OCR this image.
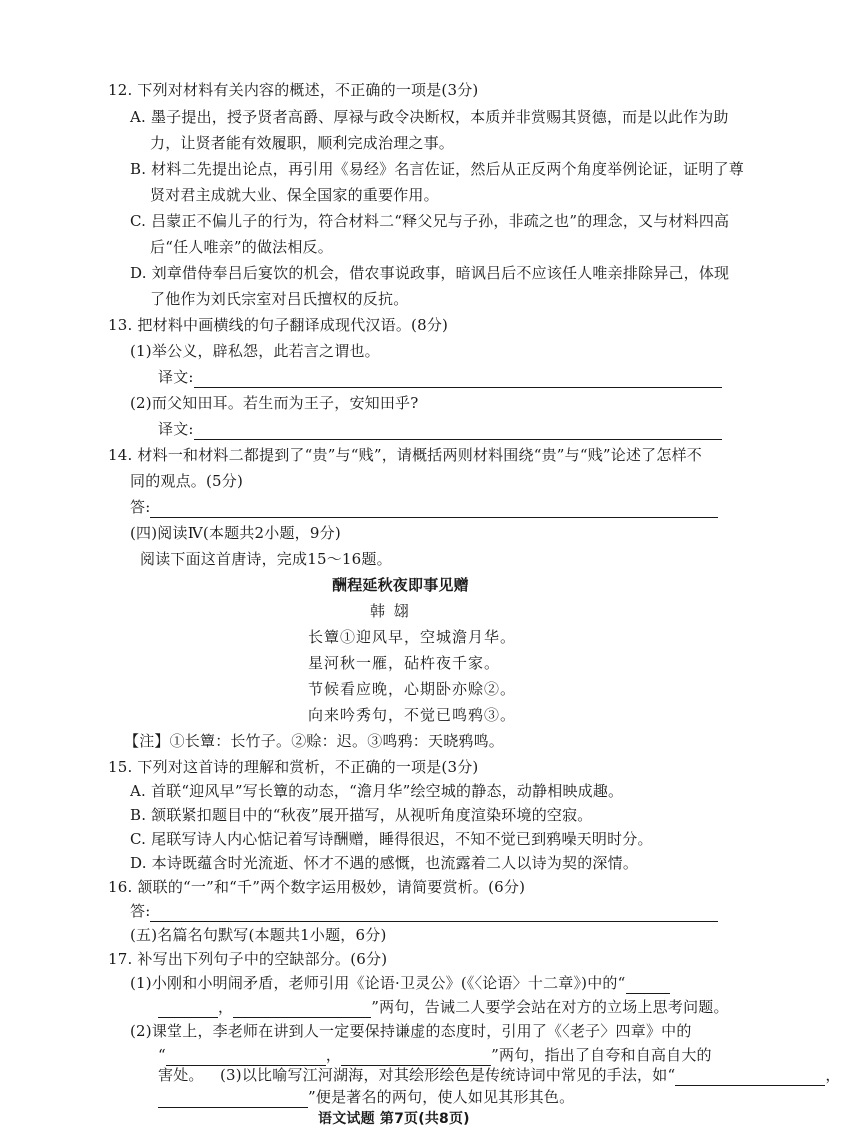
12. 下列对材料有关内容的概述，不正确的一项是(3分)
A. 墨子提出，授予贤者高爵、厚禄与政令决断权，本质并非赏赐其贤德，而是以此作为助
力，让贤者能有效履职，顺利完成治理之事。
B. 材料二先提出论点，再引用《易经》名言佐证，然后从正反两个角度举例论证，证明了尊
贤对君主成就大业、保全国家的重要作用。
C. 吕蒙正不偏儿子的行为，符合材料二“释父兄与子孙，非疏之也”的理念，又与材料四高
后“任人唯亲”的做法相反。
D. 刘章借侍奉吕后宴饮的机会，借农事说政事，暗讽吕后不应该任人唯亲排除异己，体现
了他作为刘氏宗室对吕氏擅权的反抗。
13. 把材料中画横线的句子翻译成现代汉语。(8分)
(1)举公义，辟私怨，此若言之谓也。
译文:
(2)而父知田耳。若生而为王子，安知田乎?
译文:
14. 材料一和材料二都提到了“贵”与“贱”，请概括两则材料围绕“贵”与“贱”论述了怎样不
同的观点。(5分)
答:
(四)阅读Ⅳ(本题共2小题，9分)
阅读下面这首唐诗，完成15～16题。
酬程延秋夜即事见赠
韩 翃
长簟①迎风早，空城澹月华。
星河秋一雁，砧杵夜千家。
节候看应晚，心期卧亦赊②。
向来吟秀句，不觉已鸣鸦③。
【注】①长簟：长竹子。②赊：迟。③鸣鸦：天晓鸦鸣。
15. 下列对这首诗的理解和赏析，不正确的一项是(3分)
A. 首联“迎风早”写长簟的动态，“澹月华”绘空城的静态，动静相映成趣。
B. 颔联紧扣题目中的“秋夜”展开描写，从视听角度渲染环境的空寂。
C. 尾联写诗人内心惦记着写诗酬赠，睡得很迟，不知不觉已到鸦噪天明时分。
D. 本诗既蕴含时光流逝、怀才不遇的感慨，也流露着二人以诗为契的深情。
16. 颔联的“一”和“千”两个数字运用极妙，请简要赏析。(6分)
答:
(五)名篇名句默写(本题共1小题，6分)
17. 补写出下列句子中的空缺部分。(6分)
(1)小刚和小明闹矛盾，老师引用《论语·卫灵公》(《〈论语〉十二章》)中的“
，	”两句，告诫二人要学会站在对方的立场上思考问题。
(2)课堂上，李老师在讲到人一定要保持谦虚的态度时，引用了《〈老子〉四章》中的
“	，	”两句，指出了自夸和自高自大的
害处。 (3)以比喻写江河湖海，对其绘形绘色是传统诗词中常见的手法，如“	，
语文试题 第7页(共8页)
”便是著名的两句，使人如见其形其色。
